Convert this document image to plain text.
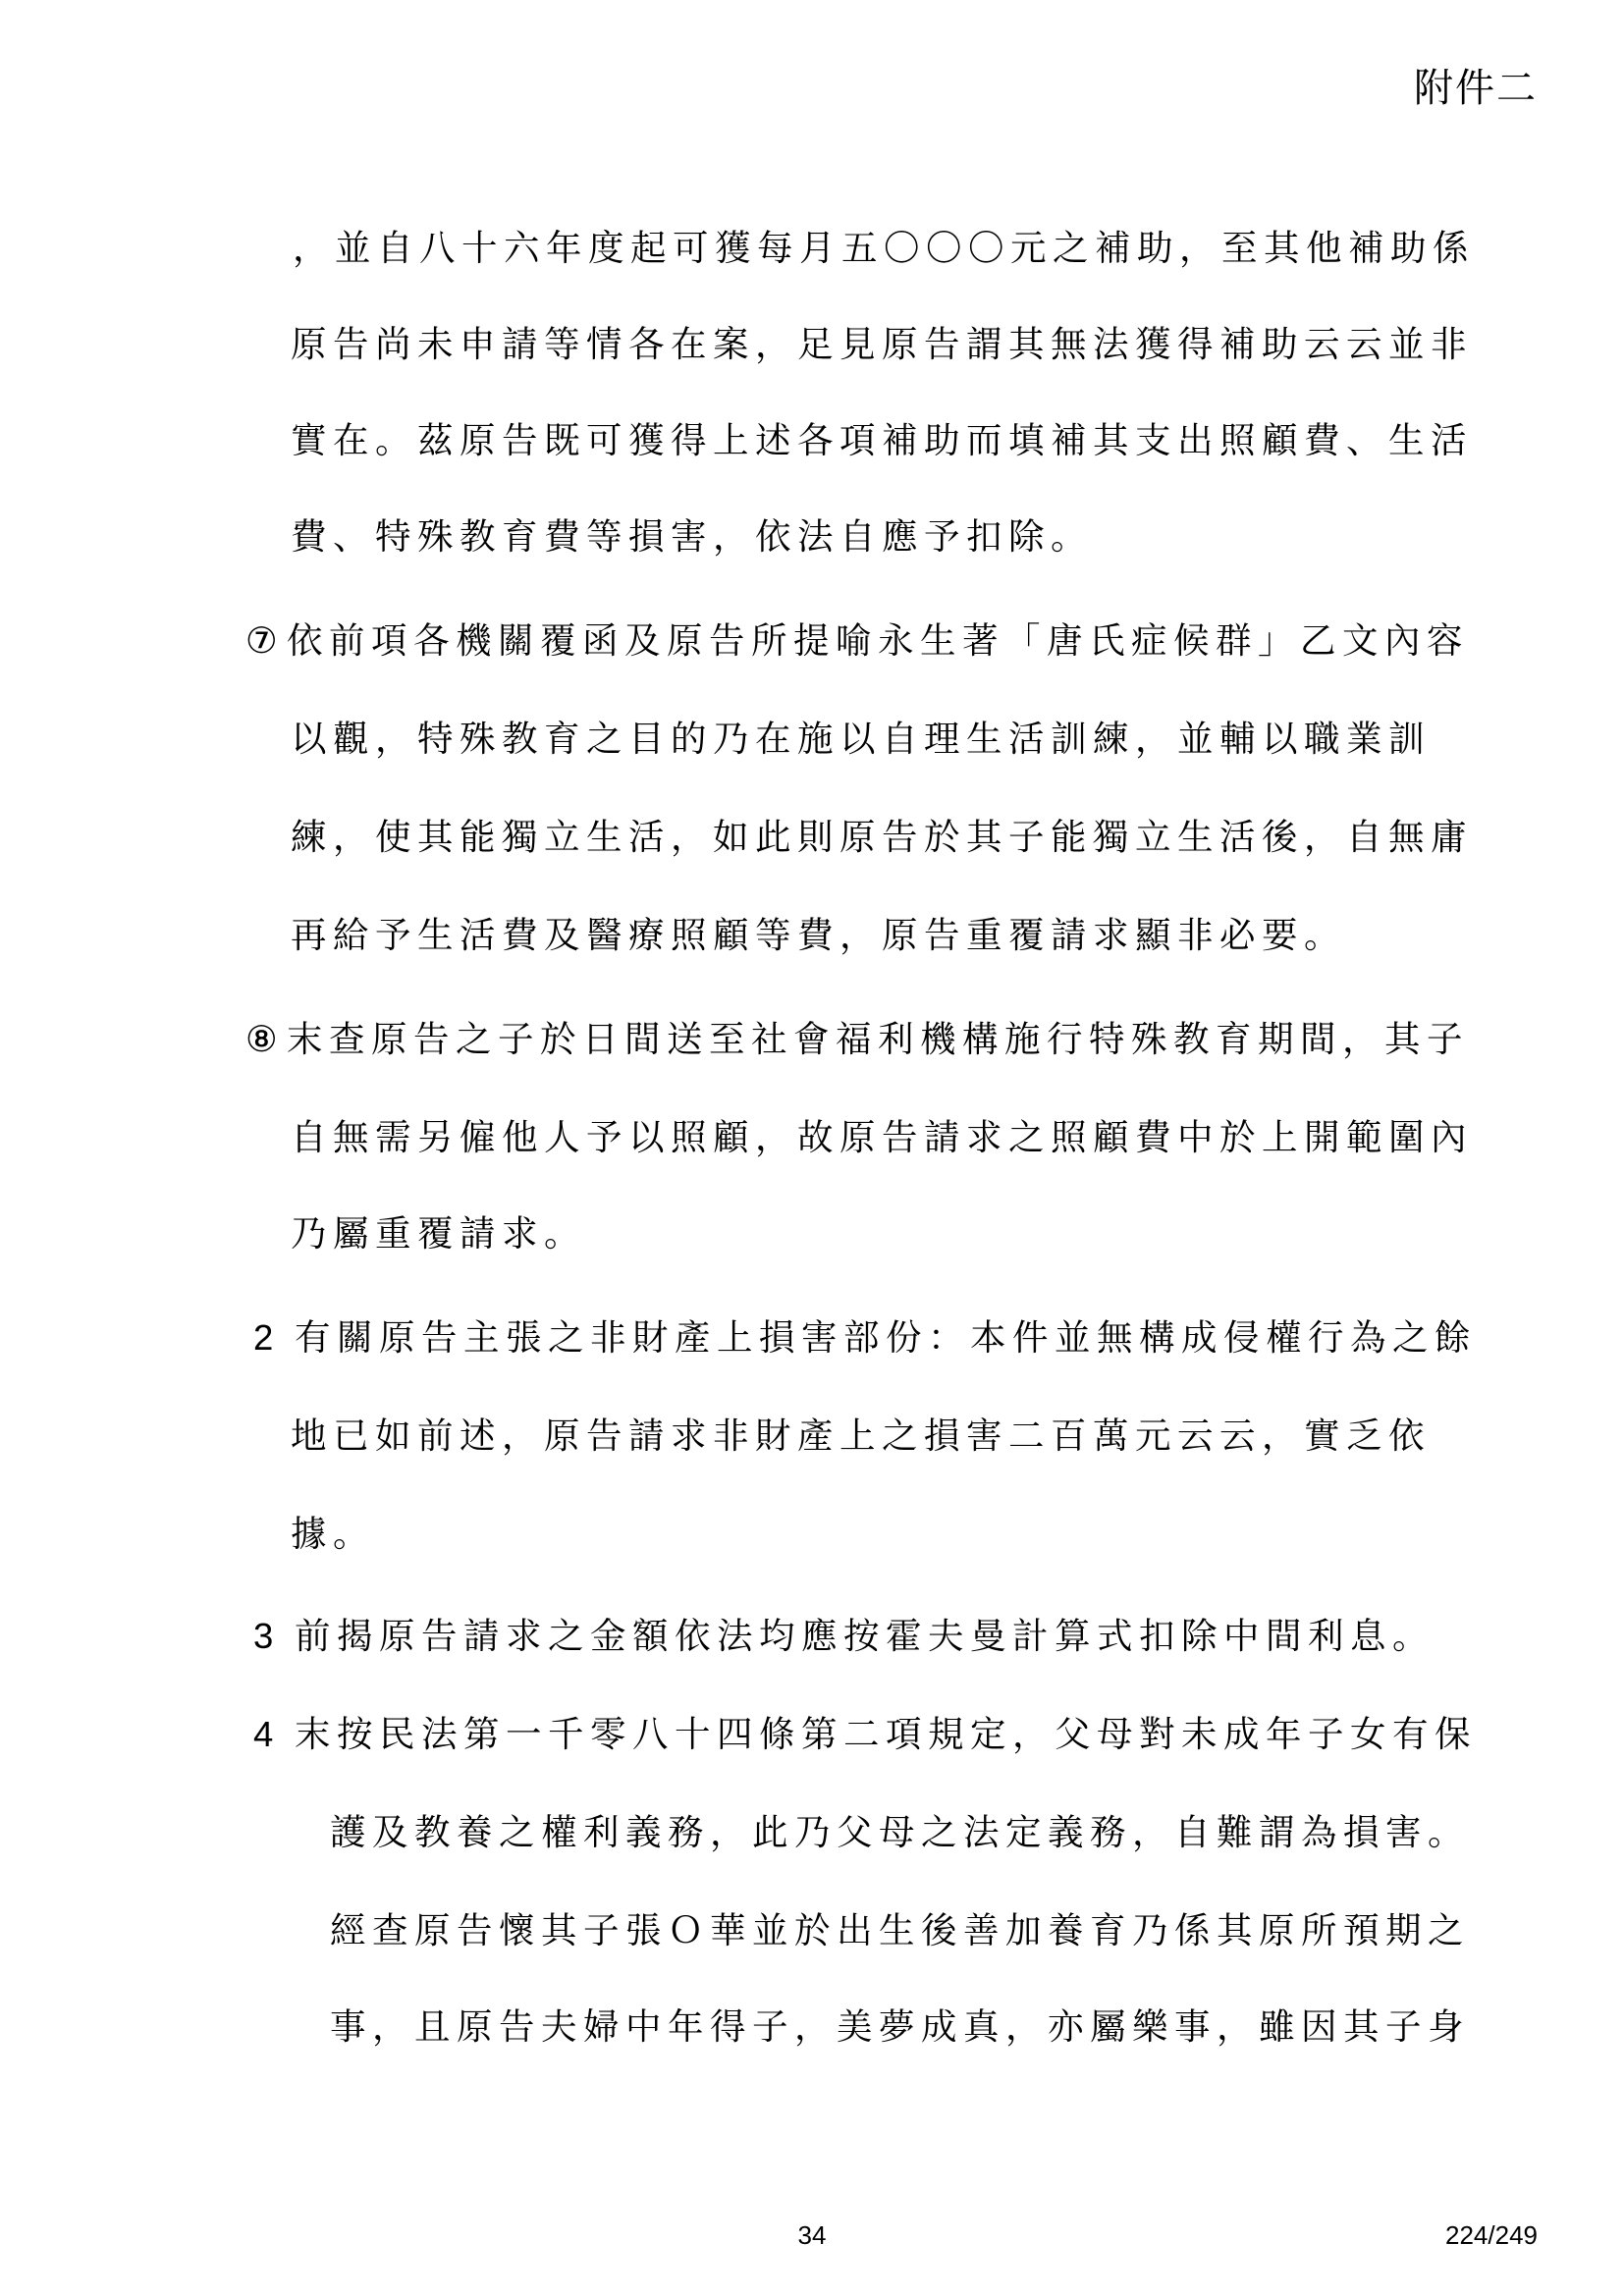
附件二
，並自八十六年度起可獲每月五〇〇〇元之補助，至其他補助係
原告尚未申請等情各在案，足見原告謂其無法獲得補助云云並非
實在。茲原告既可獲得上述各項補助而填補其支出照顧費、生活
費、特殊教育費等損害，依法自應予扣除。
⑦ 依前項各機關覆函及原告所提喻永生著「唐氏症候群」乙文內容
以觀，特殊教育之目的乃在施以自理生活訓練，並輔以職業訓
練，使其能獨立生活，如此則原告於其子能獨立生活後，自無庸
再給予生活費及醫療照顧等費，原告重覆請求顯非必要。
⑧ 末查原告之子於日間送至社會福利機構施行特殊教育期間，其子
自無需另僱他人予以照顧，故原告請求之照顧費中於上開範圍內
乃屬重覆請求。
2 有關原告主張之非財產上損害部份：本件並無構成侵權行為之餘
地已如前述，原告請求非財產上之損害二百萬元云云，實乏依
據。
3 前揭原告請求之金額依法均應按霍夫曼計算式扣除中間利息。
4 末按民法第一千零八十四條第二項規定，父母對未成年子女有保
護及教養之權利義務，此乃父母之法定義務，自難謂為損害。
經查原告懷其子張Ｏ華並於出生後善加養育乃係其原所預期之
事，且原告夫婦中年得子，美夢成真，亦屬樂事，雖因其子身
34	224/249
